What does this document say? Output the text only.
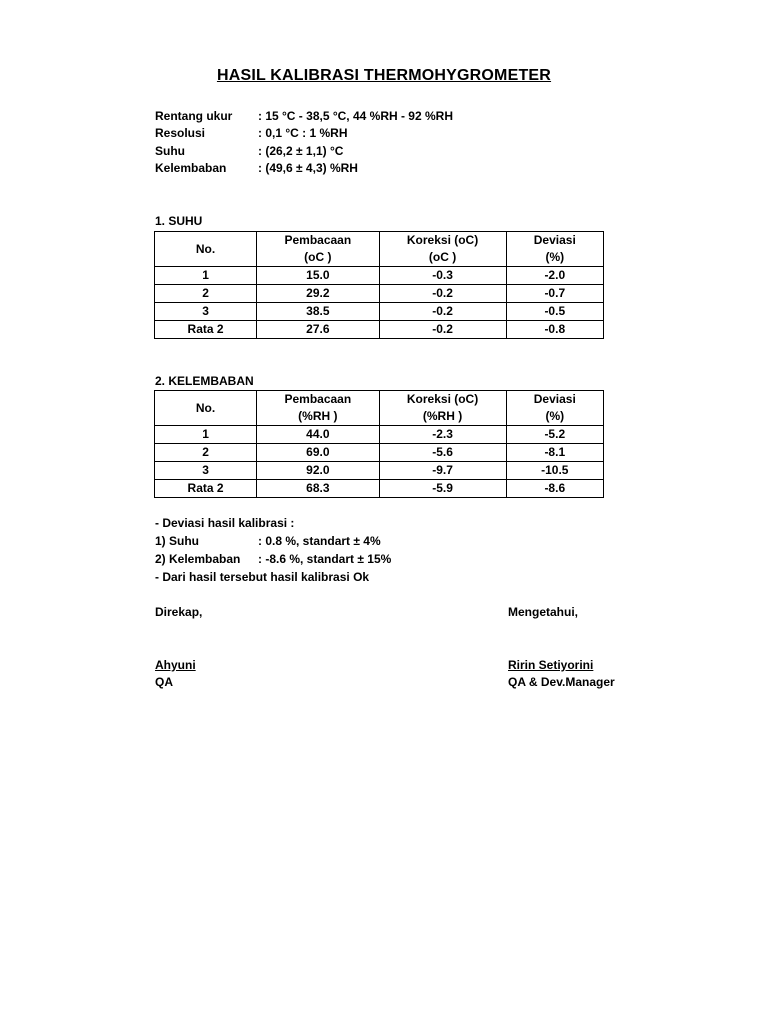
HASIL KALIBRASI THERMOHYGROMETER
Rentang ukur : 15 °C - 38,5 °C, 44 %RH - 92 %RH
Resolusi	: 0,1 °C : 1 %RH
Suhu	: (26,2 ± 1,1) °C
Kelembaban	: (49,6 ± 4,3) %RH
1. SUHU
No.	Pembacaan	Koreksi (oC)	Deviasi
	(oC )	(oC )	(%)
1	15.0	-0.3	-2.0
2	29.2	-0.2	-0.7
3	38.5	-0.2	-0.5
Rata 2	27.6	-0.2	-0.8
2. KELEMBABAN
No.	Pembacaan	Koreksi (oC)	Deviasi
	(%RH )	(%RH )	(%)
1	44.0	-2.3	-5.2
2	69.0	-5.6	-8.1
3	92.0	-9.7	-10.5
Rata 2	68.3	-5.9	-8.6
- Deviasi hasil kalibrasi :
1) Suhu	: 0.8 %, standart ± 4%
2) Kelembaban : -8.6 %, standart ± 15%
- Dari hasil tersebut hasil kalibrasi Ok
Direkap,	Mengetahui,
Ahyuni	Ririn Setiyorini
QA	QA & Dev.Manager
